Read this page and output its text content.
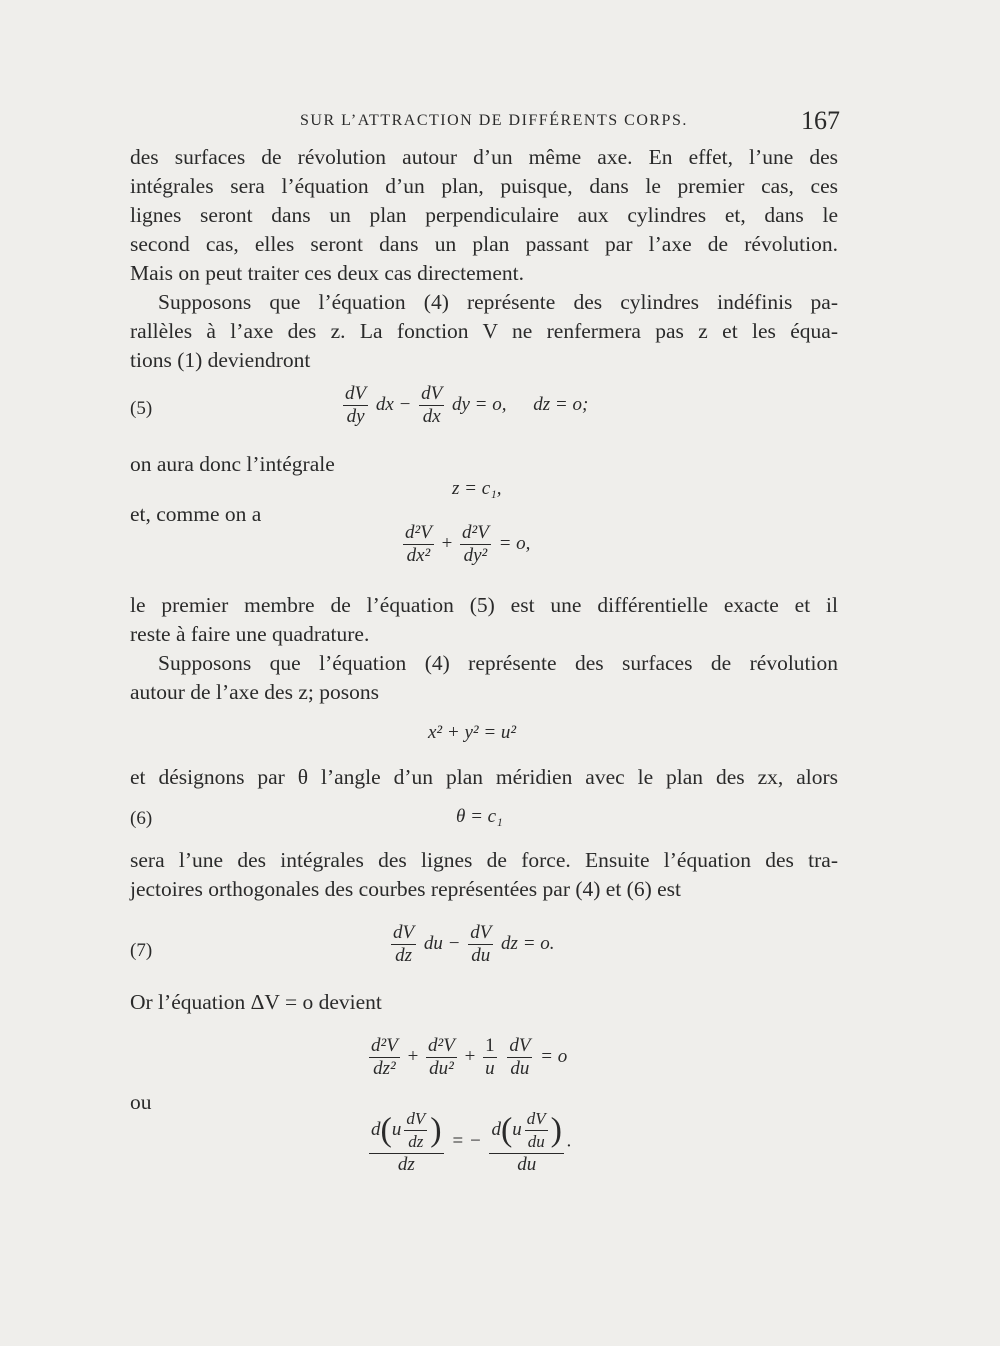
SUR L’ATTRACTION DE DIFFÉRENTS CORPS.	167
des surfaces de révolution autour d’un même axe. En effet, l’une des
intégrales sera l’équation d’un plan, puisque, dans le premier cas, ces
lignes seront dans un plan perpendiculaire aux cylindres et, dans le
second cas, elles seront dans un plan passant par l’axe de révolution.
Mais on peut traiter ces deux cas directement.
Supposons que l’équation (4) représente des cylindres indéfinis pa-
rallèles à l’axe des z. La fonction V ne renfermera pas z et les équa-
tions (1) deviendront
(5)	$\frac{dV}{dy}$ dx − $\frac{dV}{dx}$ dy = o, dz = o;
on aura donc l’intégrale
z = c₁,
et, comme on a
$\frac{\text{d²V}}{\text{dx²}} + \frac{\text{d²V}}{\text{dy²}} = o$,
le premier membre de l’équation (5) est une différentielle exacte et il
reste à faire une quadrature.
Supposons que l’équation (4) représente des surfaces de révolution
autour de l’axe des z; posons
x² + y² = u²
et désignons par θ l’angle d’un plan méridien avec le plan des zx, alors
(6)	θ = c₁
sera l’une des intégrales des lignes de force. Ensuite l’équation des tra-
jectoires orthogonales des courbes représentées par (4) et (6) est
(7)	$\frac{dV}{dz}$ du − $\frac{dV}{du}$ dz = o.
Or l’équation ΔV = o devient
$\frac{\text{d²V}}{\text{dz²}} + \frac{\text{d²V}}{\text{du²}} + \frac{1}{u}$
$\frac{dV}{du} = o$
ou
$\frac{d(u \frac{dV}{dz} )}{dz}$ = − $\frac{d(u \frac{dV}{du} )}{du}$ .
